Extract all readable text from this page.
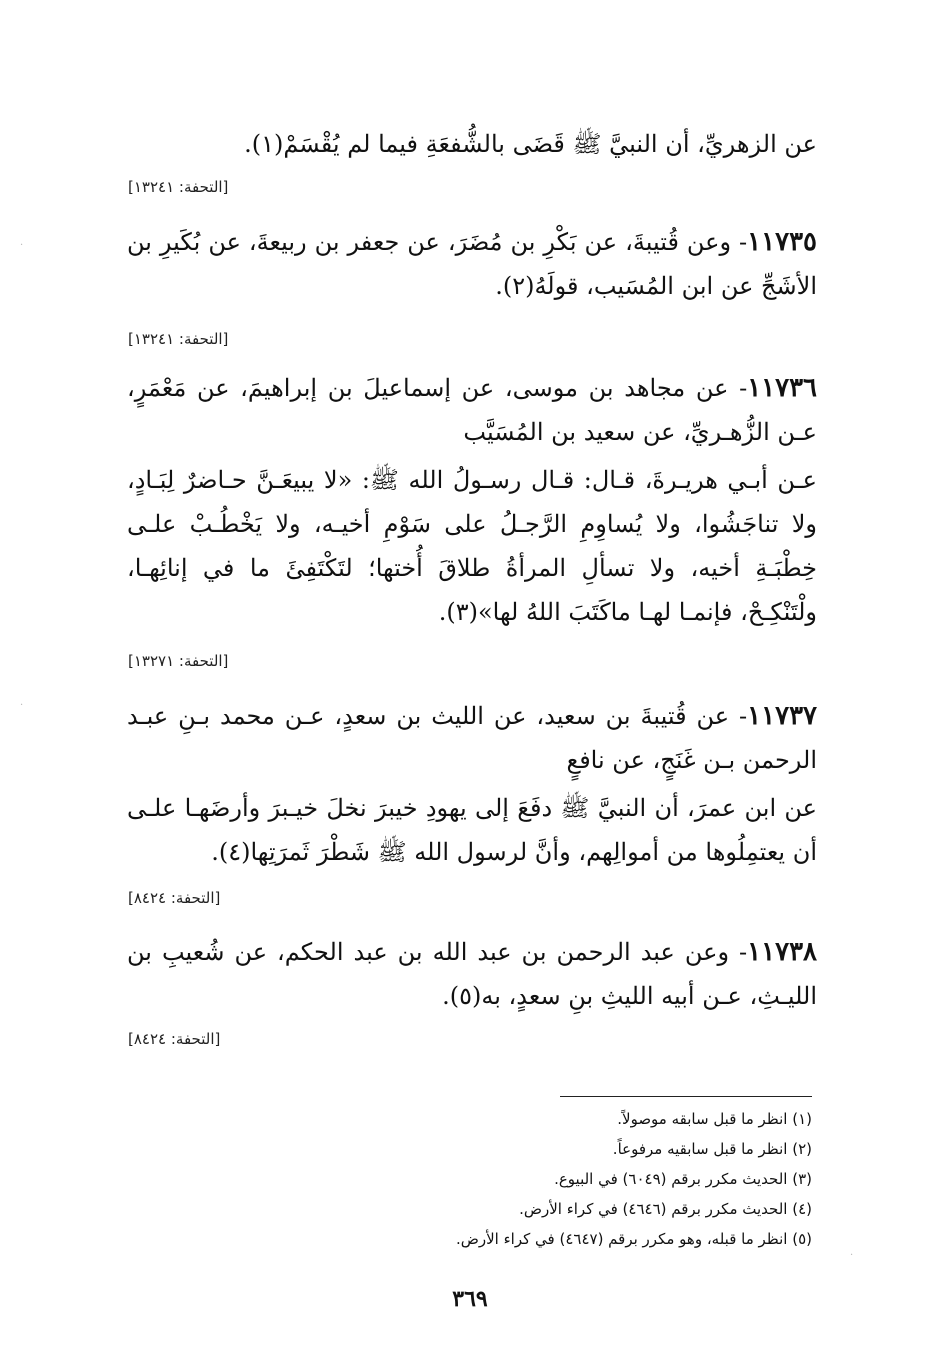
عن الزهريِّ، أن النبيَّ ﷺ قَضَى بالشُّفعَةِ فيما لم يُقْسَمْ(١).
[التحفة: ١٣٢٤١]
١١٧٣٥- وعن قُتيبةَ، عن بَكْرِ بن مُضَرَ، عن جعفر بن ربيعةَ، عن بُكَيرِ بن الأشَجِّ عن ابن المُسَيب، قولَهُ(٢).
[التحفة: ١٣٢٤١]
١١٧٣٦- عن مجاهد بن موسى، عن إسماعيلَ بن إبراهيمَ، عن مَعْمَرٍ، عـن الزُّهـريِّ، عن سعيد بن المُسَيَّب
عـن أبـي هريـرةَ، قـال: قـال رسـولُ الله ﷺ: «لا يبيعَـنَّ حـاضرٌ لِبَـادٍ، ولا تناجَشُوا، ولا يُساوِمِ الرَّجـلُ على سَوْمِ أخيـه، ولا يَخْطُـبْ علـى خِطْبَـةِ أخيه، ولا تسألِ المرأةُ طلاقَ أُختها؛ لتَكْتَفِئَ ما في إنائِهـا، ولْتَنْكِـحْ، فإنمـا لهـا ماكَتَبَ اللهُ لها»(٣).
[التحفة: ١٣٢٧١]
١١٧٣٧- عن قُتيبةَ بن سعيد، عن الليث بن سعدٍ، عـن محمد بـنِ عبـد الرحمن بـن غَنَجٍ، عن نافعٍ
عن ابن عمرَ، أن النبيَّ ﷺ دفَعَ إلى يهودِ خيبرَ نخلَ خيـبرَ وأرضَهـا علـى أن يعتمِلُوها من أموالِهم، وأنَّ لرسول الله ﷺ شَطْرَ ثَمرَتِها(٤).
[التحفة: ٨٤٢٤]
١١٧٣٨- وعن عبد الرحمن بن عبد الله بن عبد الحكم، عن شُعيبِ بن الليـثِ، عـن أبيه الليثِ بنِ سعدٍ، به(٥).
[التحفة: ٨٤٢٤]
(١) انظر ما قبل سابقه موصولاً.
(٢) انظر ما قبل سابقيه مرفوعاً.
(٣) الحديث مكرر برقم (٦٠٤٩) في البيوع.
(٤) الحديث مكرر برقم (٤٦٤٦) في كراء الأرض.
(٥) انظر ما قبله، وهو مكرر برقم (٤٦٤٧) في كراء الأرض.
٣٦٩
·
·
·
